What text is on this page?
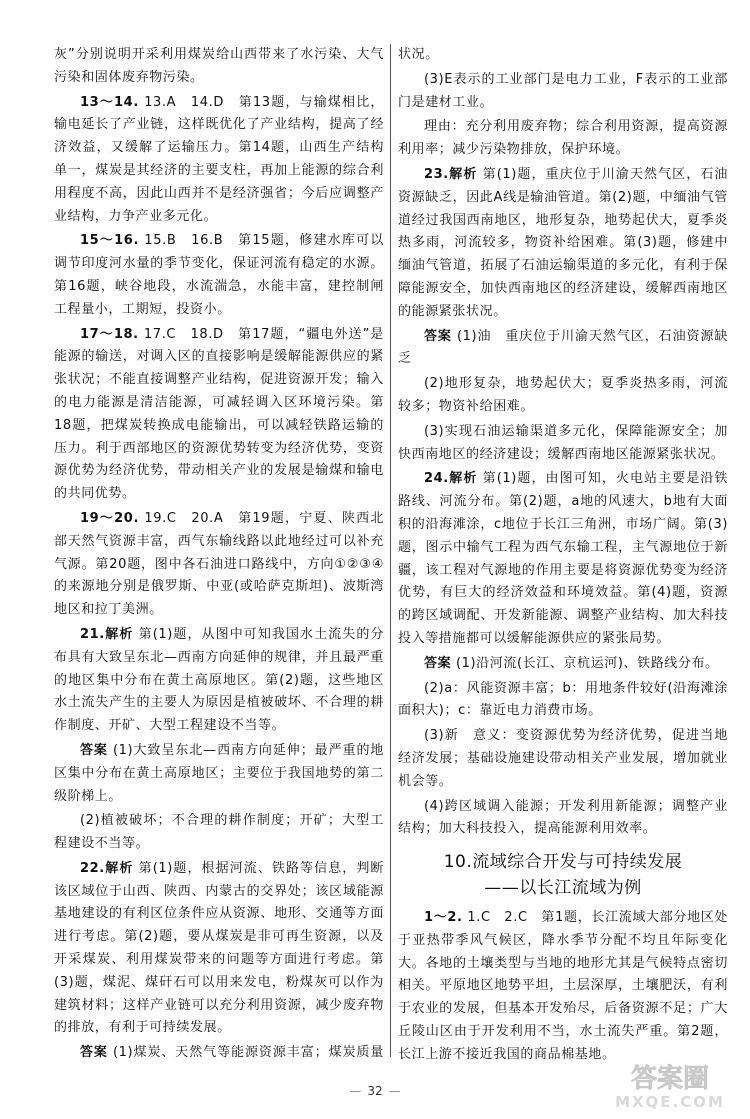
灰”分别说明开采利用煤炭给山西带来了水污染、大气污染和固体废弃物污染。

13～14. 13.A　14.D　第13题，与输煤相比，输电延长了产业链，这样既优化了产业结构，提高了经济效益，又缓解了运输压力。第14题，山西生产结构单一，煤炭是其经济的主要支柱，再加上能源的综合利用程度不高，因此山西并不是经济强省；今后应调整产业结构，力争产业多元化。

15～16. 15.B　16.B　第15题，修建水库可以调节印度河水量的季节变化，保证河流有稳定的水源。第16题，峡谷地段，水流湍急，水能丰富，建控制闸工程量小，工期短，投资小。

17～18. 17.C　18.D　第17题，“疆电外送”是能源的输送，对调入区的直接影响是缓解能源供应的紧张状况；不能直接调整产业结构，促进资源开发；输入的电力能源是清洁能源，可减轻调入区环境污染。第18题，把煤炭转换成电能输出，可以减轻铁路运输的压力。利于西部地区的资源优势转变为经济优势，变资源优势为经济优势，带动相关产业的发展是输煤和输电的共同优势。

19～20. 19.C　20.A　第19题，宁夏、陕西北部天然气资源丰富，西气东输线路以此地经过可以补充气源。第20题，图中各石油进口路线中，方向①②③④的来源地分别是俄罗斯、中亚(或哈萨克斯坦)、波斯湾地区和拉丁美洲。

21.解析 第(1)题，从图中可知我国水土流失的分布具有大致呈东北—西南方向延伸的规律，并且最严重的地区集中分布在黄土高原地区。第(2)题，这些地区水土流失产生的主要人为原因是植被破坏、不合理的耕作制度、开矿、大型工程建设不当等。

答案 (1)大致呈东北—西南方向延伸；最严重的地区集中分布在黄土高原地区；主要位于我国地势的第二级阶梯上。

(2)植被破坏；不合理的耕作制度；开矿；大型工程建设不当等。

22.解析 第(1)题，根据河流、铁路等信息，判断该区域位于山西、陕西、内蒙古的交界处；该区域能源基地建设的有利区位条件应从资源、地形、交通等方面进行考虑。第(2)题，要从煤炭是非可再生资源，以及开采煤炭、利用煤炭带来的问题等方面进行考虑。第(3)题，煤泥、煤矸石可以用来发电，粉煤灰可以作为建筑材料；这样产业链可以充分利用资源，减少废弃物的排放，有利于可持续发展。

答案 (1)煤炭、天然气等能源资源丰富；煤炭质量

状况。

(3)E表示的工业部门是电力工业，F表示的工业部门是建材工业。

理由：充分利用废弃物；综合利用资源，提高资源利用率；减少污染物排放，保护环境。

23.解析 第(1)题，重庆位于川渝天然气区，石油资源缺乏，因此A线是输油管道。第(2)题，中缅油气管道经过我国西南地区，地形复杂，地势起伏大，夏季炎热多雨，河流较多，物资补给困难。第(3)题，修建中缅油气管道，拓展了石油运输渠道的多元化，有利于保障能源安全，加快西南地区的经济建设，缓解西南地区的能源紧张状况。

答案 (1)油　重庆位于川渝天然气区，石油资源缺乏

(2)地形复杂，地势起伏大；夏季炎热多雨，河流较多；物资补给困难。

(3)实现石油运输渠道多元化，保障能源安全；加快西南地区的经济建设；缓解西南地区能源紧张状况。

24.解析 第(1)题，由图可知，火电站主要是沿铁路线、河流分布。第(2)题，a地的风速大，b地有大面积的沿海滩涂，c地位于长江三角洲，市场广阔。第(3)题，图示中输气工程为西气东输工程，主气源地位于新疆，该工程对气源地的作用主要是将资源优势变为经济优势，有巨大的经济效益和环境效益。第(4)题，资源的跨区域调配、开发新能源、调整产业结构、加大科技投入等措施都可以缓解能源供应的紧张局势。

答案 (1)沿河流(长江、京杭运河)、铁路线分布。

(2)a：风能资源丰富；b：用地条件较好(沿海滩涂面积大)；c：靠近电力消费市场。

(3)新　意义：变资源优势为经济优势，促进当地经济发展；基础设施建设带动相关产业发展，增加就业机会等。

(4)跨区域调入能源；开发利用新能源；调整产业结构；加大科技投入，提高能源利用效率。

10.流域综合开发与可持续发展
——以长江流域为例

1～2. 1.C　2.C　第1题，长江流域大部分地区处于亚热带季风气候区，降水季节分配不均且年际变化大。各地的土壤类型与当地的地形尤其是气候特点密切相关。平原地区地势平坦，土层深厚，土壤肥沃，有利于农业的发展，但基本开发殆尽，后备资源不足；广大丘陵山区由于开发利用不当，水土流失严重。第2题，长江上游不接近我国的商品棉基地。

— 32 —	答案圈
MXQE.COM
